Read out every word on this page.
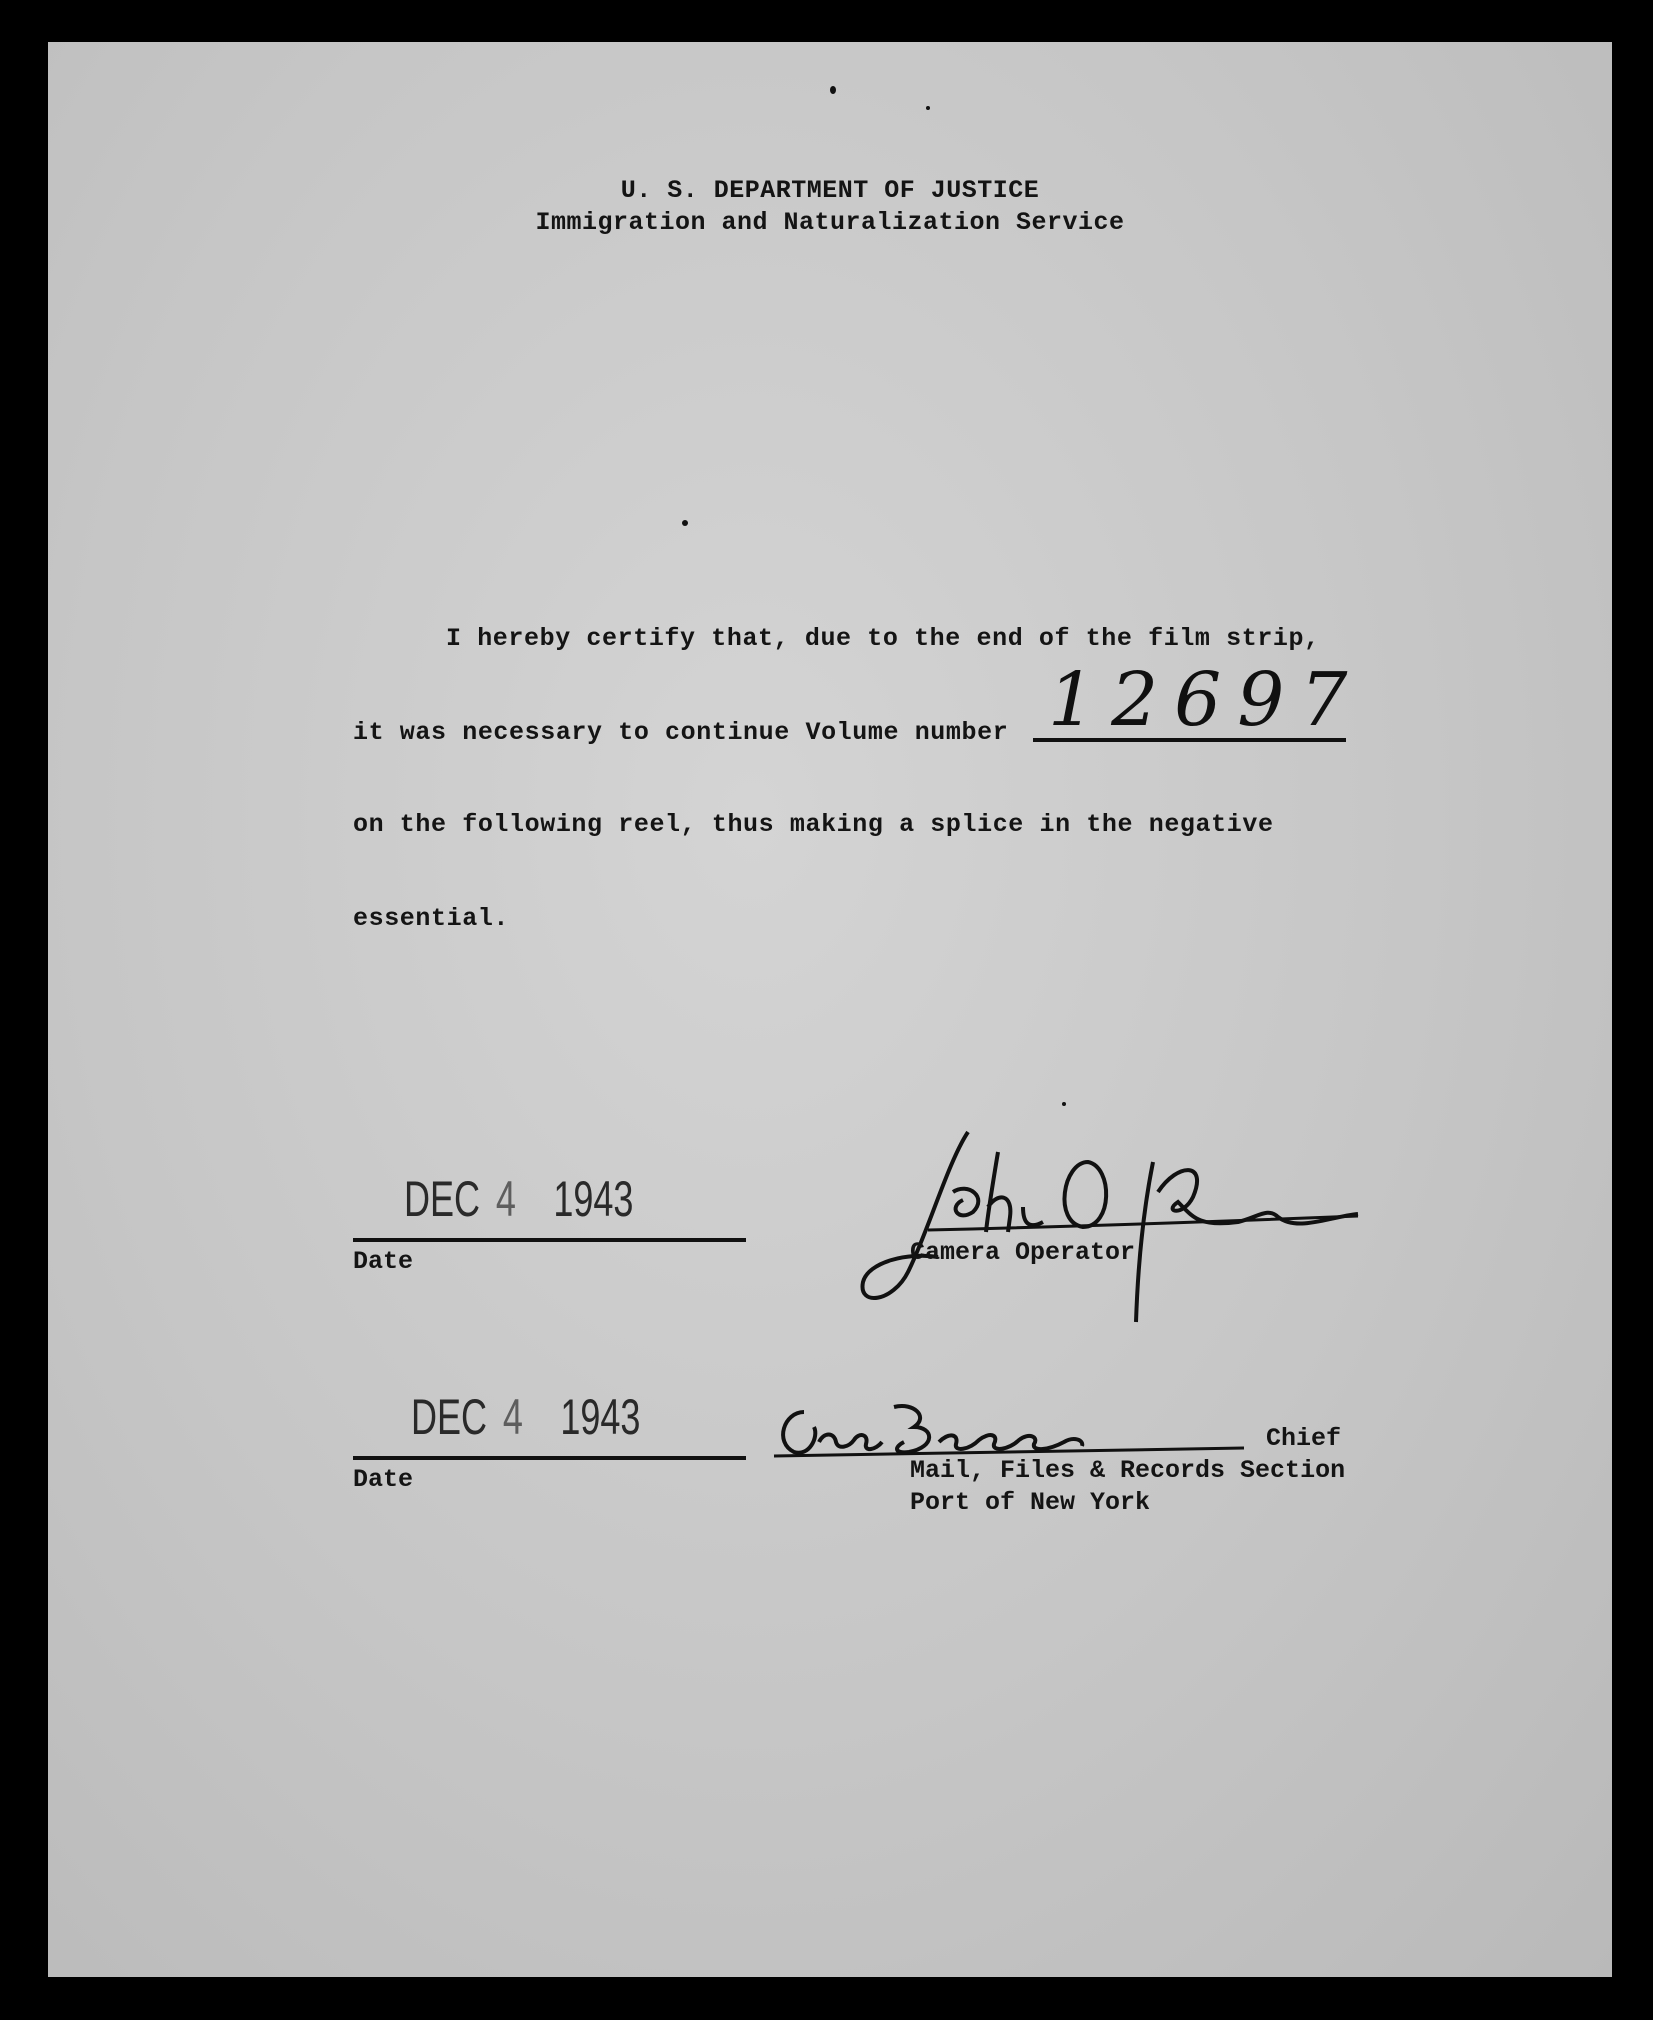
U. S. DEPARTMENT OF JUSTICE
Immigration and Naturalization Service
I hereby certify that, due to the end of the film strip,
it was necessary to continue Volume number 12697
on the following reel, thus making a splice in the negative
essential.
DEC 4 1943
Date	Camera Operator
DEC 4 1943
Date
Chief
Mail, Files & Records Section
Port of New York
